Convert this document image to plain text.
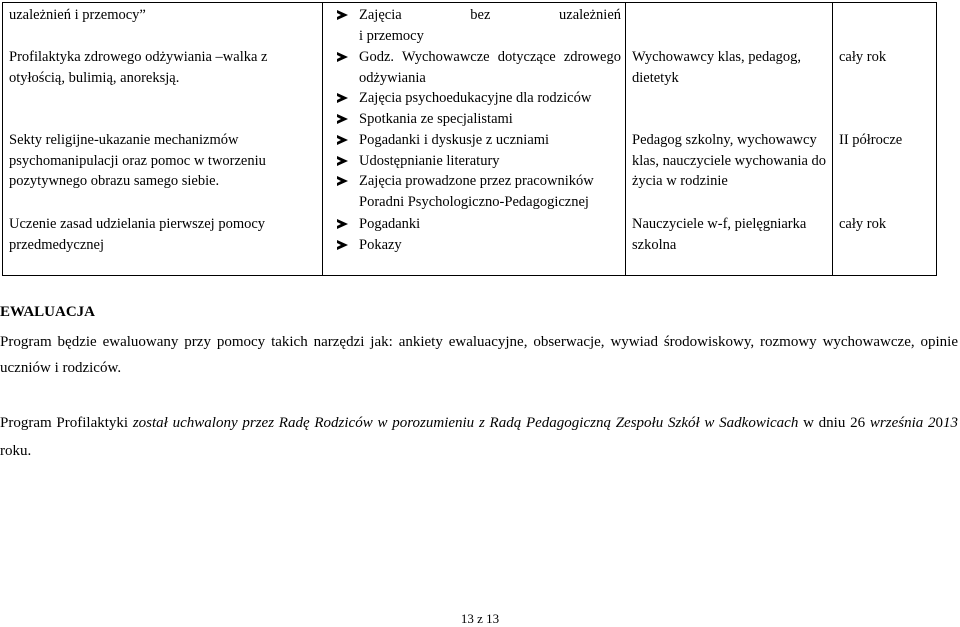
uzależnień i przemocy”	Zajęcia bez uzależnień
i przemocy
Profilaktyka zdrowego odżywiania –walka z otyłością, bulimią, anoreksją.
Godz. Wychowawcze dotyczące zdrowego odżywiania
Zajęcia psychoedukacyjne dla rodziców
Spotkania ze specjalistami
Wychowawcy klas, pedagog, dietetyk
cały rok
Sekty religijne-ukazanie mechanizmów psychomanipulacji oraz pomoc w tworzeniu pozytywnego obrazu samego siebie.
Pogadanki i dyskusje z uczniami
Udostępnianie literatury
Zajęcia prowadzone przez pracowników Poradni Psychologiczno-Pedagogicznej
Pedagog szkolny, wychowawcy klas, nauczyciele wychowania do życia w rodzinie
II półrocze
Uczenie zasad udzielania pierwszej pomocy przedmedycznej
Pogadanki
Pokazy
Nauczyciele w-f, pielęgniarka szkolna
cały rok
EWALUACJA
Program będzie ewaluowany przy pomocy takich narzędzi jak: ankiety ewaluacyjne, obserwacje, wywiad środowiskowy, rozmowy wychowawcze, opinie uczniów i rodziców.
Program Profilaktyki został uchwalony przez Radę Rodziców w porozumieniu z Radą Pedagogiczną Zespołu Szkół w Sadkowicach w dniu 26 września 2013 roku.
13 z 13
